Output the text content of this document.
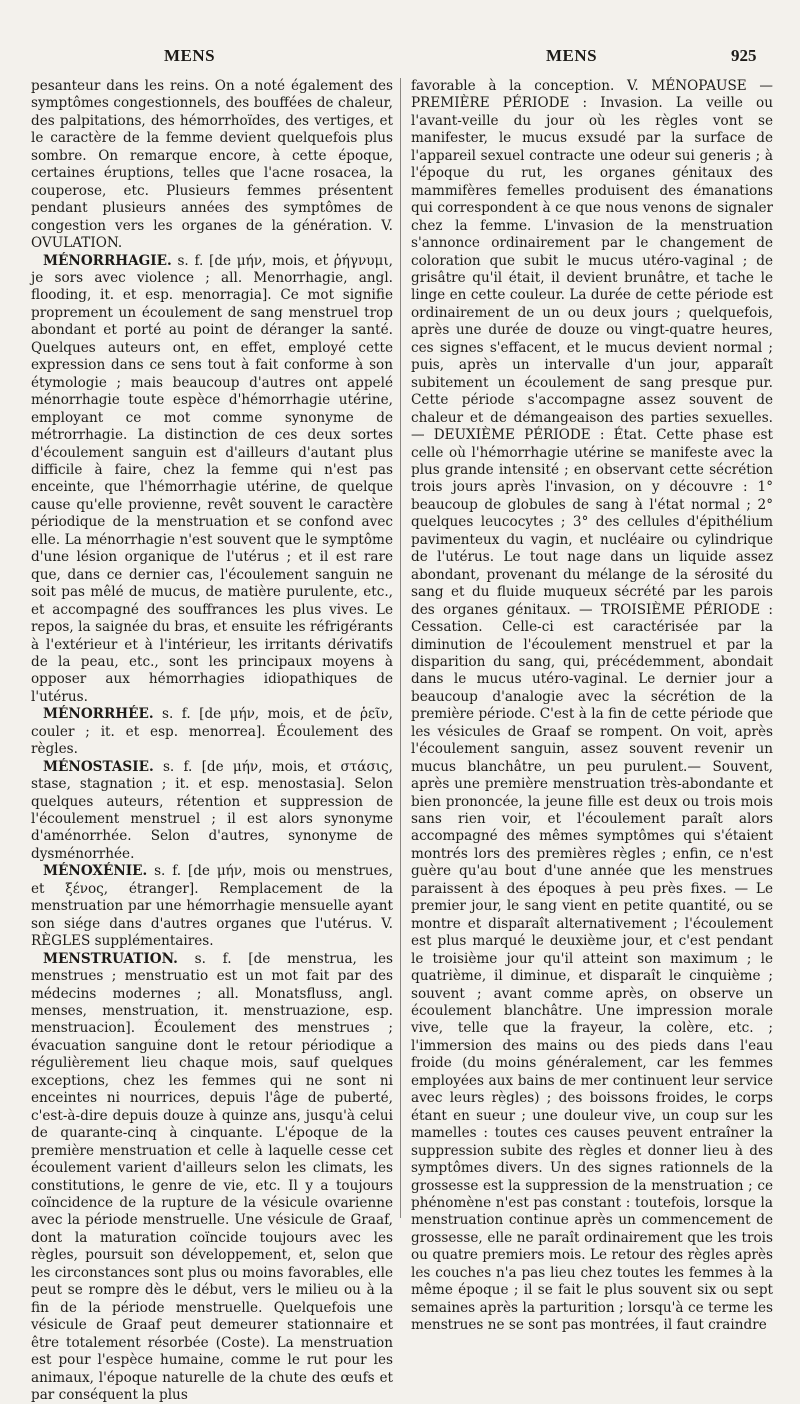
MENS	MENS	925

pesanteur dans les reins. On a noté également des symptômes congestionnels, des bouffées de chaleur, des palpitations, des hémorrhoïdes, des vertiges, et le caractère de la femme devient quelquefois plus sombre. On remarque encore, à cette époque, certaines éruptions, telles que l'acne rosacea, la couperose, etc. Plusieurs femmes présentent pendant plusieurs années des symptômes de congestion vers les organes de la génération. V. OVULATION.

MÉNORRHAGIE. s. f. [de μήν, mois, et ῥήγνυμι, je sors avec violence ; all. Menorrhagie, angl. flooding, it. et esp. menorragia]. Ce mot signifie proprement un écoulement de sang menstruel trop abondant et porté au point de déranger la santé. Quelques auteurs ont, en effet, employé cette expression dans ce sens tout à fait conforme à son étymologie ; mais beaucoup d'autres ont appelé ménorrhagie toute espèce d'hémorrhagie utérine, employant ce mot comme synonyme de métrorrhagie. La distinction de ces deux sortes d'écoulement sanguin est d'ailleurs d'autant plus difficile à faire, chez la femme qui n'est pas enceinte, que l'hémorrhagie utérine, de quelque cause qu'elle provienne, revêt souvent le caractère périodique de la menstruation et se confond avec elle. La ménorrhagie n'est souvent que le symptôme d'une lésion organique de l'utérus ; et il est rare que, dans ce dernier cas, l'écoulement sanguin ne soit pas mêlé de mucus, de matière purulente, etc., et accompagné des souffrances les plus vives. Le repos, la saignée du bras, et ensuite les réfrigérants à l'extérieur et à l'intérieur, les irritants dérivatifs de la peau, etc., sont les principaux moyens à opposer aux hémorrhagies idiopathiques de l'utérus.

MÉNORRHÉE. s. f. [de μήν, mois, et de ῥεῖν, couler ; it. et esp. menorrea]. Écoulement des règles.

MÉNOSTASIE. s. f. [de μήν, mois, et στάσις, stase, stagnation ; it. et esp. menostasia]. Selon quelques auteurs, rétention et suppression de l'écoulement menstruel ; il est alors synonyme d'aménorrhée. Selon d'autres, synonyme de dysménorrhée.

MÉNOXÉNIE. s. f. [de μήν, mois ou menstrues, et ξένος, étranger]. Remplacement de la menstruation par une hémorrhagie mensuelle ayant son siége dans d'autres organes que l'utérus. V. RÈGLES supplémentaires.

MENSTRUATION. s. f. [de menstrua, les menstrues ; menstruatio est un mot fait par des médecins modernes ; all. Monatsfluss, angl. menses, menstruation, it. menstruazione, esp. menstruacion]. Écoulement des menstrues ; évacuation sanguine dont le retour périodique a régulièrement lieu chaque mois, sauf quelques exceptions, chez les femmes qui ne sont ni enceintes ni nourrices, depuis l'âge de puberté, c'est-à-dire depuis douze à quinze ans, jusqu'à celui de quarante-cinq à cinquante. L'époque de la première menstruation et celle à laquelle cesse cet écoulement varient d'ailleurs selon les climats, les constitutions, le genre de vie, etc. Il y a toujours coïncidence de la rupture de la vésicule ovarienne avec la période menstruelle. Une vésicule de Graaf, dont la maturation coïncide toujours avec les règles, poursuit son développement, et, selon que les circonstances sont plus ou moins favorables, elle peut se rompre dès le début, vers le milieu ou à la fin de la période menstruelle. Quelquefois une vésicule de Graaf peut demeurer stationnaire et être totalement résorbée (Coste). La menstruation est pour l'espèce humaine, comme le rut pour les animaux, l'époque naturelle de la chute des œufs et par conséquent la plus

favorable à la conception. V. MÉNOPAUSE — PREMIÈRE PÉRIODE : Invasion. La veille ou l'avant-veille du jour où les règles vont se manifester, le mucus exsudé par la surface de l'appareil sexuel contracte une odeur sui generis ; à l'époque du rut, les organes génitaux des mammifères femelles produisent des émanations qui correspondent à ce que nous venons de signaler chez la femme. L'invasion de la menstruation s'annonce ordinairement par le changement de coloration que subit le mucus utéro-vaginal ; de grisâtre qu'il était, il devient brunâtre, et tache le linge en cette couleur. La durée de cette période est ordinairement de un ou deux jours ; quelquefois, après une durée de douze ou vingt-quatre heures, ces signes s'effacent, et le mucus devient normal ; puis, après un intervalle d'un jour, apparaît subitement un écoulement de sang presque pur. Cette période s'accompagne assez souvent de chaleur et de démangeaison des parties sexuelles. — DEUXIÈME PÉRIODE : État. Cette phase est celle où l'hémorrhagie utérine se manifeste avec la plus grande intensité ; en observant cette sécrétion trois jours après l'invasion, on y découvre : 1° beaucoup de globules de sang à l'état normal ; 2° quelques leucocytes ; 3° des cellules d'épithélium pavimenteux du vagin, et nucléaire ou cylindrique de l'utérus. Le tout nage dans un liquide assez abondant, provenant du mélange de la sérosité du sang et du fluide muqueux sécrété par les parois des organes génitaux. — TROISIÈME PÉRIODE : Cessation. Celle-ci est caractérisée par la diminution de l'écoulement menstruel et par la disparition du sang, qui, précédemment, abondait dans le mucus utéro-vaginal. Le dernier jour a beaucoup d'analogie avec la sécrétion de la première période. C'est à la fin de cette période que les vésicules de Graaf se rompent. On voit, après l'écoulement sanguin, assez souvent revenir un mucus blanchâtre, un peu purulent.— Souvent, après une première menstruation très-abondante et bien prononcée, la jeune fille est deux ou trois mois sans rien voir, et l'écoulement paraît alors accompagné des mêmes symptômes qui s'étaient montrés lors des premières règles ; enfin, ce n'est guère qu'au bout d'une année que les menstrues paraissent à des époques à peu près fixes. — Le premier jour, le sang vient en petite quantité, ou se montre et disparaît alternativement ; l'écoulement est plus marqué le deuxième jour, et c'est pendant le troisième jour qu'il atteint son maximum ; le quatrième, il diminue, et disparaît le cinquième ; souvent ; avant comme après, on observe un écoulement blanchâtre. Une impression morale vive, telle que la frayeur, la colère, etc. ; l'immersion des mains ou des pieds dans l'eau froide (du moins généralement, car les femmes employées aux bains de mer continuent leur service avec leurs règles) ; des boissons froides, le corps étant en sueur ; une douleur vive, un coup sur les mamelles : toutes ces causes peuvent entraîner la suppression subite des règles et donner lieu à des symptômes divers. Un des signes rationnels de la grossesse est la suppression de la menstruation ; ce phénomène n'est pas constant : toutefois, lorsque la menstruation continue après un commencement de grossesse, elle ne paraît ordinairement que les trois ou quatre premiers mois. Le retour des règles après les couches n'a pas lieu chez toutes les femmes à la même époque ; il se fait le plus souvent six ou sept semaines après la parturition ; lorsqu'à ce terme les menstrues ne se sont pas montrées, il faut craindre
